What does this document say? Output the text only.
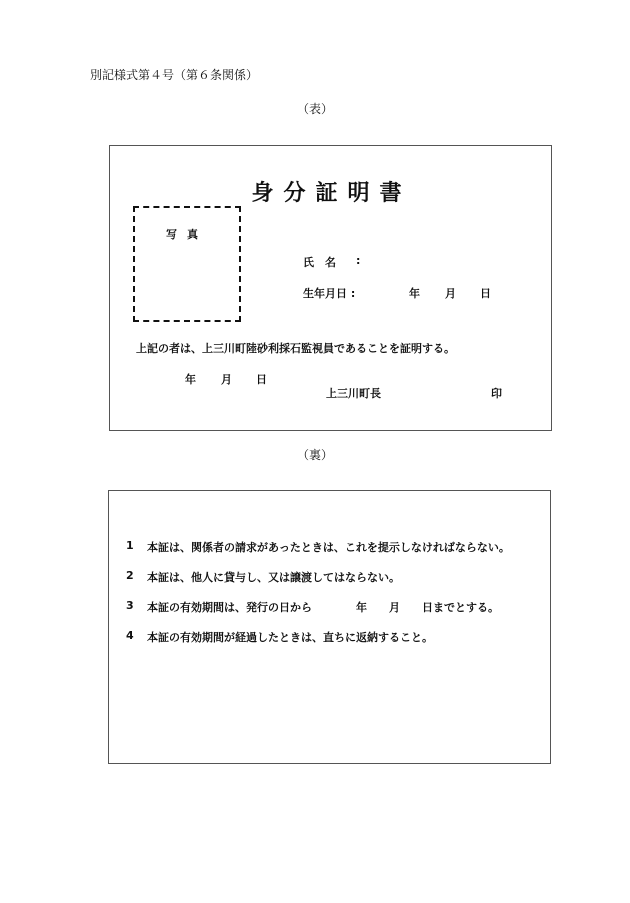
別記様式第４号（第６条関係）
（表）
身分証明書
写真
氏　名 :
生年月日 :	年 月 日
上記の者は、上三川町陸砂利採石監視員であることを証明する。
年 月 日
上三川町長	印
（裏）
1 本証は、関係者の請求があったときは、これを提示しなければならない。
2 本証は、他人に貸与し、又は譲渡してはならない。
3 本証の有効期間は、発行の日から　　　　年　　月　　日までとする。
4 本証の有効期間が経過したときは、直ちに返納すること。
